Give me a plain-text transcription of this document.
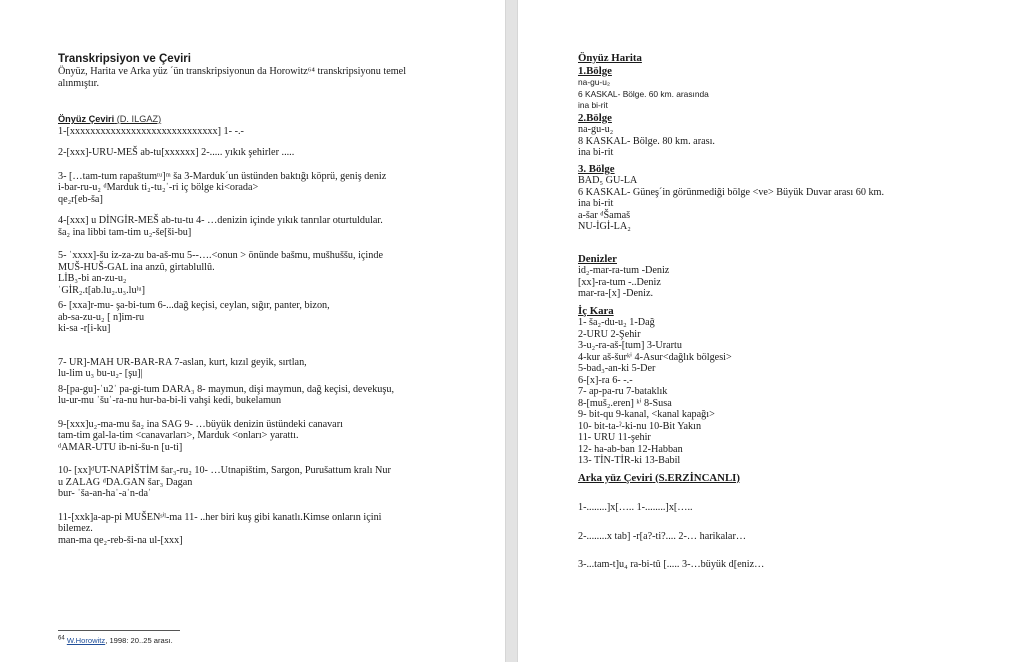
Transkripsiyon ve Çeviri
Önyüz, Harita ve Arka yüz ´ün transkripsiyonun da Horowitz⁶⁴ transkripsiyonu temel
alınmıştır.
Önyüz Çeviri (D. ILGAZ)
1-[xxxxxxxxxxxxxxxxxxxxxxxxxxxxx] 1- -.-
2-[xxx]-URU-MEŠ ab-tu[xxxxxx] 2-..... yıkık şehirler .....
3- […tam-tum rapaštumᵗᵘ]ᵐ ša 3-Marduk´un üstünden baktığı köprü, geniş deniz
i-bar-ru-u₂ ᵈMarduk ti₂-tu₂ˈ-ri iç bölge ki<orada>
qe₂r[eb-ša]
4-[xxx] u DİNGİR-MEŠ ab-tu-tu 4- …denizin içinde yıkık tanrılar oturtuldular.
ša₂ ina libbi tam-tim u₂-še[ši-bu]
5- ˈxxxx]-šu iz-za-zu ba-aš-mu 5--….<onun > önünde bašmu, mušhuššu, içinde
MUŠ-HUŠ-GAL ina anzû, girtablullû.
LİB₃-bi an-zu-u₂
ˈGİR₂.t[ab.lu₂.u₃.luˡᵘ]
6- [xxa]r-mu- şa-bi-tum 6-...dağ keçisi, ceylan, sığır, panter, bizon,
ab-sa-zu-u₂ [ n]im-ru
ki-sa -r[i-ku]
7- UR]-MAH UR-BAR-RA 7-aslan, kurt, kızıl geyik, sırtlan,
lu-lim u₃ bu-u₂- [şu]|
8-[pa-gu]-ˈu2ˈ pa-gi-tum DARA₃ 8- maymun, dişi maymun, dağ keçisi, devekuşu,
lu-ur-mu ˈšuˈ-ra-nu hur-ba-bi-li vahşi kedi, bukelamun
9-[xxx]u₂-ma-mu ša₂ ina SAG 9- …büyük denizin üstündeki canavarı
tam-tim gal-la-tim <canavarları>, Marduk <onları> yarattı.
ᵈAMAR-UTU ib-ni-šu-n [u-ti]
10- [xx]ᵈUT-NAPİŠTİM šar₃-ru₂ 10- …Utnapištim, Sargon, Purušattum kralı Nur
u ZALAG ᵈDA.GAN šar₃ Dagan
bur- ˈša-an-haˈ-aˈn-daˈ
11-[xxk]a-ap-pi MUŠENˢⁱˡ-ma 11- ..her biri kuş gibi kanatlı.Kimse onların içini
bilemez.
man-ma qe₂-reb-ši-na ul-[xxx]
$^{64}$ W.Horowitz, 1998: 20..25 arası.
Önyüz Harita
1.Bölge
na-gu-u₂
6 KASKAL- Bölge. 60 km. arasında
ina bi-rit
2.Bölge
na-gu-u₂
8 KASKAL- Bölge. 80 km. arası.
ina bi-rit
3. Bölge
BAD₅ GU-LA
6 KASKAL- Güneş´in görünmediği bölge <ve> Büyük Duvar arası 60 km.
ina bi-rit
a-šar ᵈŠamaš
NU-İGİ-LA₂
Denizler
id₂-mar-ra-tum -Deniz
[xx]-ra-tum -..Deniz
mar-ra-[x] -Deniz.
İç Kara
1- ša₂-du-u₂ 1-Dağ
2-URU 2-Şehir
3-u₂-ra-aš-[tum] 3-Urartu
4-kur aš-šurᵏⁱ 4-Asur<dağlık bölgesi>
5-bad₃-an-ki 5-Der
6-[x]-ra 6- -.-
7- ap-pa-ru 7-bataklık
8-[muš₂.eren] ᵏⁱ 8-Susa
9- bit-qu 9-kanal, <kanal kapağı>
10- bit-ta-ˀ-ki-nu 10-Bit Yakın
11- URU 11-şehir
12- ha-ab-ban 12-Habban
13- TİN-TİR-ki 13-Babil
Arka yüz Çeviri (S.ERZİNCANLI)
1-........]x[….. 1-........]x[…..
2-........x tab] -r[a?-ti?.... 2-… harikalar…
3-...tam-t]u₄ ra-bi-tû [..... 3-…büyük d[eniz…
